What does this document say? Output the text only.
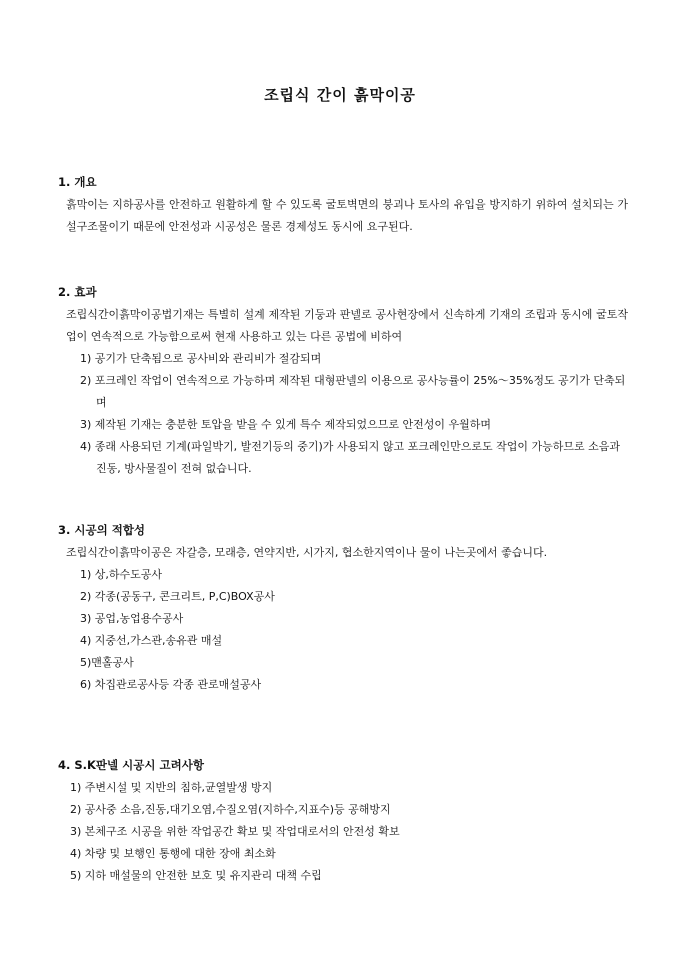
조립식 간이 흙막이공
1. 개요

흙막이는 지하공사를 안전하고 원활하게 할 수 있도록 굴토벽면의 붕괴나 토사의 유입을 방지하기 위하여 설치되는 가설구조물이기 때문에 안전성과 시공성은 물론 경제성도 동시에 요구된다.

2. 효과

조립식간이흙막이공법기재는 특별히 설계 제작된 기둥과 판넬로 공사현장에서 신속하게 기재의 조립과 동시에 굴토작업이 연속적으로 가능함으로써 현재 사용하고 있는 다른 공법에 비하여

1) 공기가 단축됨으로 공사비와 관리비가 절감되며
2) 포크레인 작업이 연속적으로 가능하며 제작된 대형판넬의 이용으로 공사능률이 25%～35%정도 공기가 단축되며
3) 제작된 기재는 충분한 토압을 받을 수 있게 특수 제작되었으므로 안전성이 우월하며
4) 종래 사용되던 기계(파일박기, 발전기등의 중기)가 사용되지 않고 포크레인만으로도 작업이 가능하므로 소음과 진동, 방사물질이 전혀 없습니다.
3. 시공의 적합성

조립식간이흙막이공은 자갈층, 모래층, 연약지반, 시가지, 협소한지역이나 물이 나는곳에서 좋습니다.

1) 상,하수도공사
2) 각종(공동구, 콘크리트, P,C)BOX공사
3) 공업,농업용수공사
4) 지중선,가스관,송유관 매설
5)맨홀공사
6) 차집관로공사등 각종 관로매설공사
4. S.K판넬 시공시 고려사항
1) 주변시설 및 지반의 침하,균열발생 방지
2) 공사중 소음,진동,대기오염,수질오염(지하수,지표수)등 공해방지
3) 본체구조 시공을 위한 작업공간 확보 및 작업대로서의 안전성 확보
4) 차량 및 보행인 통행에 대한 장애 최소화
5) 지하 매설물의 안전한 보호 및 유지관리 대책 수립
